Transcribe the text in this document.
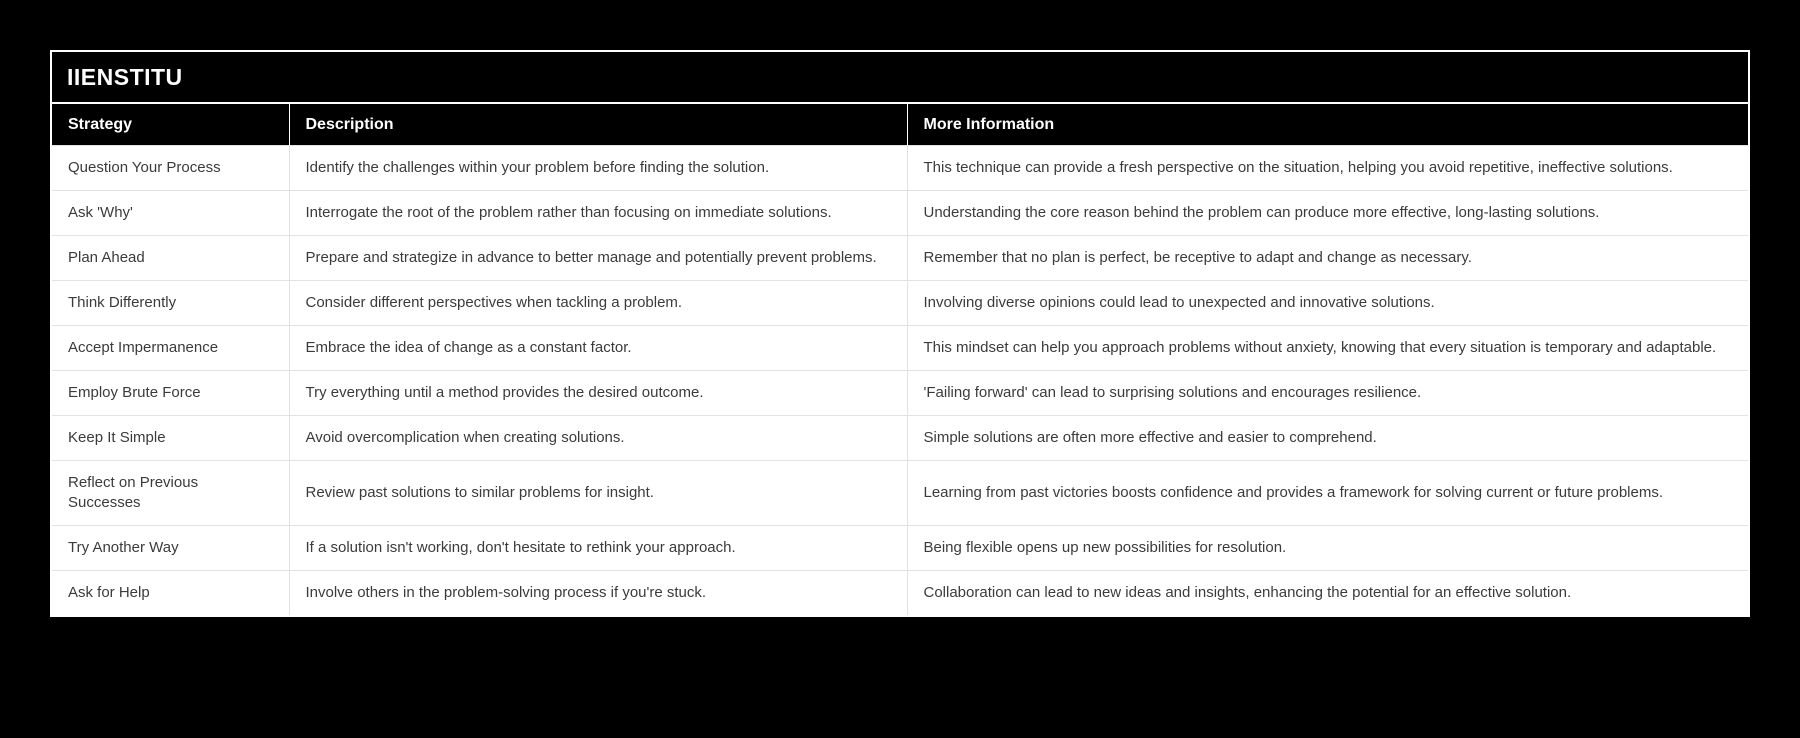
IIENSTITU
Strategy	Description	More Information
Question Your Process	Identify the challenges within your problem before finding the solution.	This technique can provide a fresh perspective on the situation, helping you avoid repetitive, ineffective solutions.
Ask 'Why'	Interrogate the root of the problem rather than focusing on immediate solutions.	Understanding the core reason behind the problem can produce more effective, long-lasting solutions.
Plan Ahead	Prepare and strategize in advance to better manage and potentially prevent problems.	Remember that no plan is perfect, be receptive to adapt and change as necessary.
Think Differently	Consider different perspectives when tackling a problem.	Involving diverse opinions could lead to unexpected and innovative solutions.
Accept Impermanence	Embrace the idea of change as a constant factor.	This mindset can help you approach problems without anxiety, knowing that every situation is temporary and adaptable.
Employ Brute Force	Try everything until a method provides the desired outcome.	'Failing forward' can lead to surprising solutions and encourages resilience.
Keep It Simple	Avoid overcomplication when creating solutions.	Simple solutions are often more effective and easier to comprehend.
Reflect on Previous Successes	Review past solutions to similar problems for insight.	Learning from past victories boosts confidence and provides a framework for solving current or future problems.
Try Another Way	If a solution isn't working, don't hesitate to rethink your approach.	Being flexible opens up new possibilities for resolution.
Ask for Help	Involve others in the problem-solving process if you're stuck.	Collaboration can lead to new ideas and insights, enhancing the potential for an effective solution.
